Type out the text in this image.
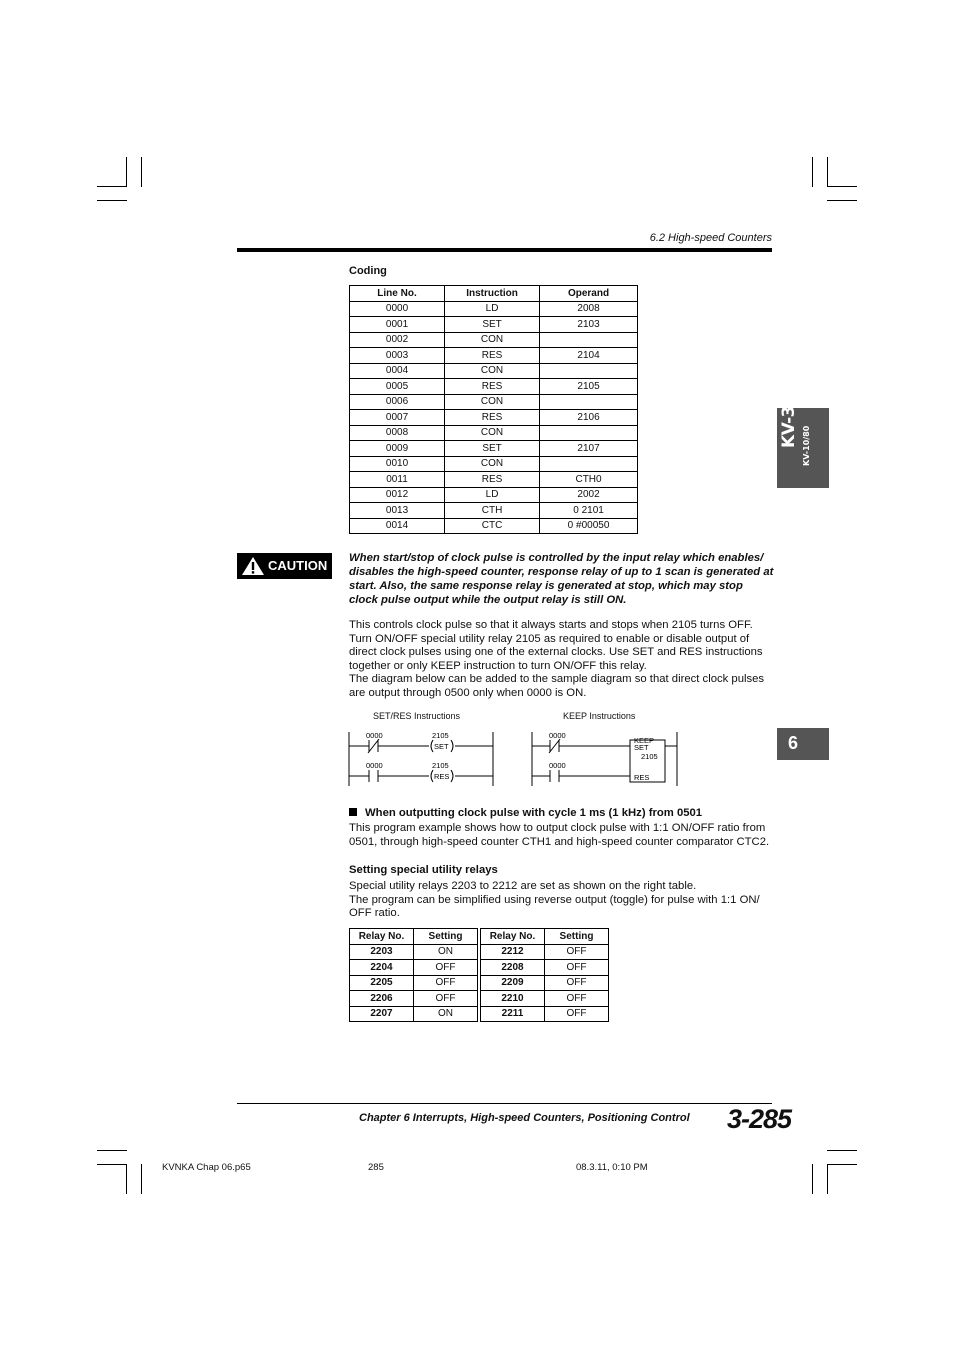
6.2 High-speed Counters
KV-300 KV-10/80
6
Coding
Line No.	Instruction	Operand
0000	LD	2008
0001	SET	2103
0002	CON	
0003	RES	2104
0004	CON	
0005	RES	2105
0006	CON	
0007	RES	2106
0008	CON	
0009	SET	2107
0010	CON	
0011	RES	CTH0
0012	LD	2002
0013	CTH	0 2101
0014	CTC	0 #00050
CAUTION When start/stop of clock pulse is controlled by the input relay which enables/ disables the high-speed counter, response relay of up to 1 scan is generated at start. Also, the same response relay is generated at stop, which may stop clock pulse output while the output relay is still ON.

This controls clock pulse so that it always starts and stops when 2105 turns OFF. Turn ON/OFF special utility relay 2105 as required to enable or disable output of direct clock pulses using one of the external clocks. Use SET and RES instructions together or only KEEP instruction to turn ON/OFF this relay.

The diagram below can be added to the sample diagram so that direct clock pulses are output through 0500 only when 0000 is ON.

SET/RES Instructions	KEEP Instructions
0000	2105
SET
0000	2105
RES
0000
0000
KEEP
SET
2105
RES
When outputting clock pulse with cycle 1 ms (1 kHz) from 0501
This program example shows how to output clock pulse with 1:1 ON/OFF ratio from 0501, through high-speed counter CTH1 and high-speed counter comparator CTC2.
Setting special utility relays

Special utility relays 2203 to 2212 are set as shown on the right table.

The program can be simplified using reverse output (toggle) for pulse with 1:1 ON/ OFF ratio.

Relay No.	Setting		Relay No.	Setting
2203	ON		2212	OFF
2204	OFF		2208	OFF
2205	OFF		2209	OFF
2206	OFF		2210	OFF
2207	ON		2211	OFF
Chapter 6 Interrupts, High-speed Counters, Positioning Control 3-285
KVNKA Chap 06.p65	285	08.3.11, 0:10 PM
